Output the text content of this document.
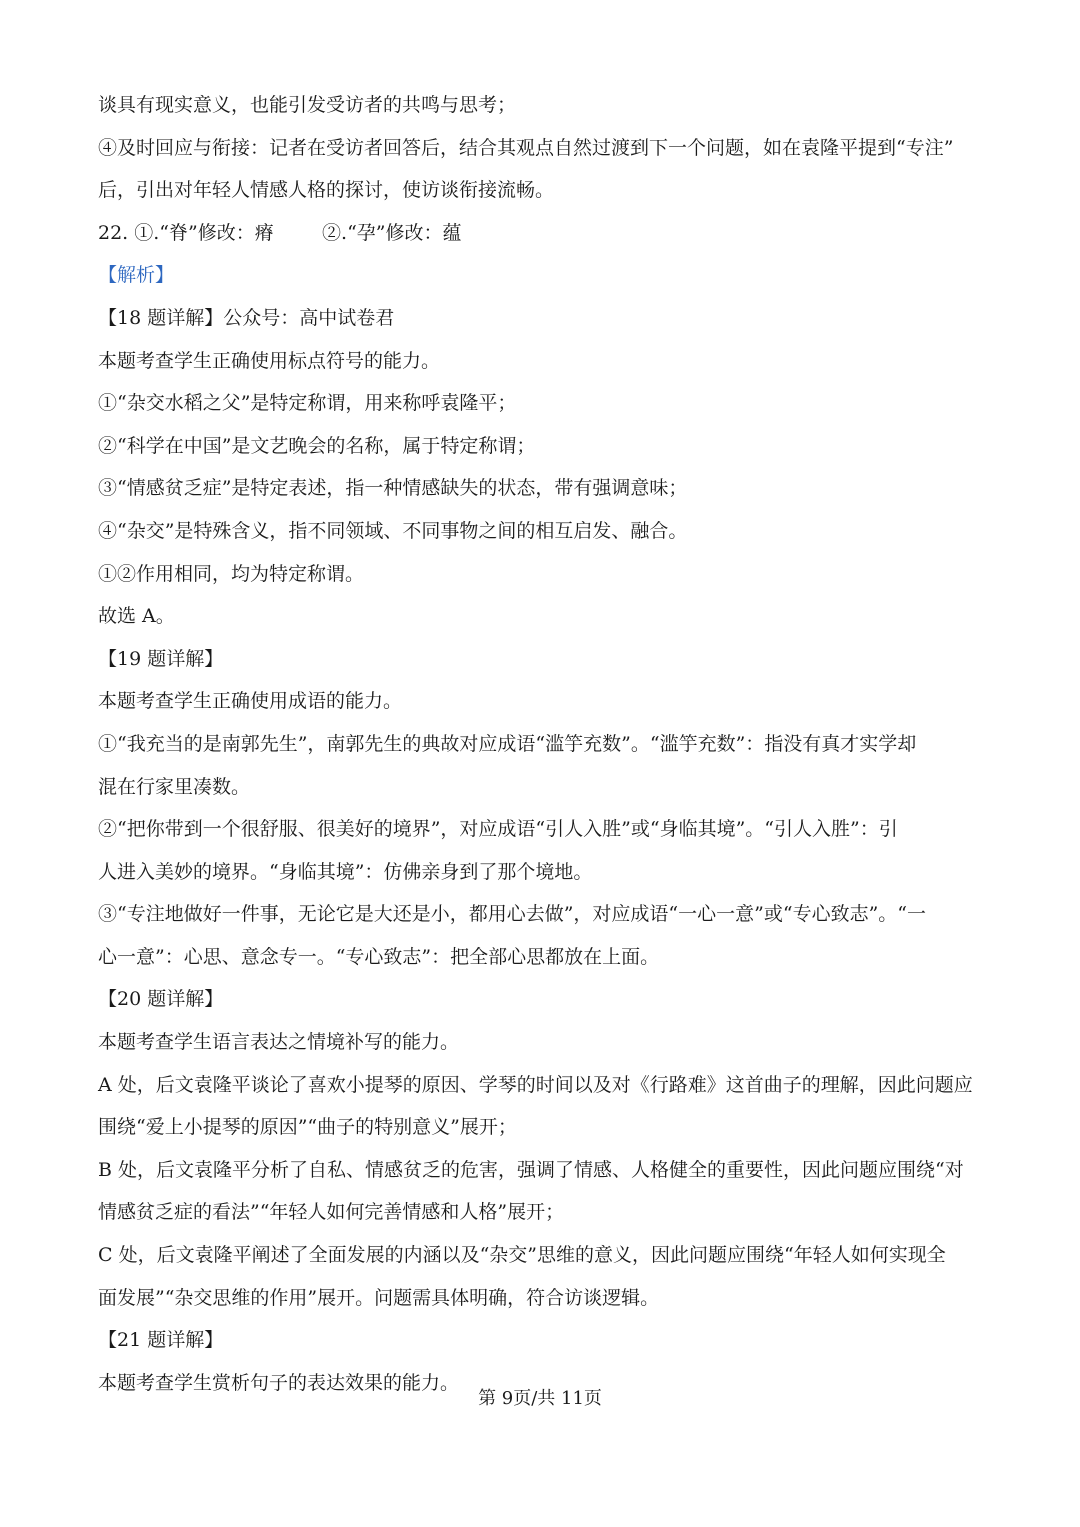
谈具有现实意义，也能引发受访者的共鸣与思考；
④及时回应与衔接：记者在受访者回答后，结合其观点自然过渡到下一个问题，如在袁隆平提到“专注”
后，引出对年轻人情感人格的探讨，使访谈衔接流畅。
22. ①.“脊”修改：瘠        ②.“孕”修改：蕴
【解析】
【18 题详解】公众号：高中试卷君
本题考查学生正确使用标点符号的能力。
①“杂交水稻之父”是特定称谓，用来称呼袁隆平；
②“科学在中国”是文艺晚会的名称，属于特定称谓；
③“情感贫乏症”是特定表述，指一种情感缺失的状态，带有强调意味；
④“杂交”是特殊含义，指不同领域、不同事物之间的相互启发、融合。
①②作用相同，均为特定称谓。
故选 A。
【19 题详解】
本题考查学生正确使用成语的能力。
①“我充当的是南郭先生”，南郭先生的典故对应成语“滥竽充数”。“滥竽充数”：指没有真才实学却
混在行家里凑数。
②“把你带到一个很舒服、很美好的境界”，对应成语“引人入胜”或“身临其境”。“引人入胜”：引
人进入美妙的境界。“身临其境”：仿佛亲身到了那个境地。
③“专注地做好一件事，无论它是大还是小，都用心去做”，对应成语“一心一意”或“专心致志”。“一
心一意”：心思、意念专一。“专心致志”：把全部心思都放在上面。
【20 题详解】
本题考查学生语言表达之情境补写的能力。
A 处，后文袁隆平谈论了喜欢小提琴的原因、学琴的时间以及对《行路难》这首曲子的理解，因此问题应
围绕“爱上小提琴的原因”“曲子的特别意义”展开；
B 处，后文袁隆平分析了自私、情感贫乏的危害，强调了情感、人格健全的重要性，因此问题应围绕“对
情感贫乏症的看法”“年轻人如何完善情感和人格”展开；
C 处，后文袁隆平阐述了全面发展的内涵以及“杂交”思维的意义，因此问题应围绕“年轻人如何实现全
面发展”“杂交思维的作用”展开。问题需具体明确，符合访谈逻辑。
【21 题详解】
本题考查学生赏析句子的表达效果的能力。
第 9页/共 11页
